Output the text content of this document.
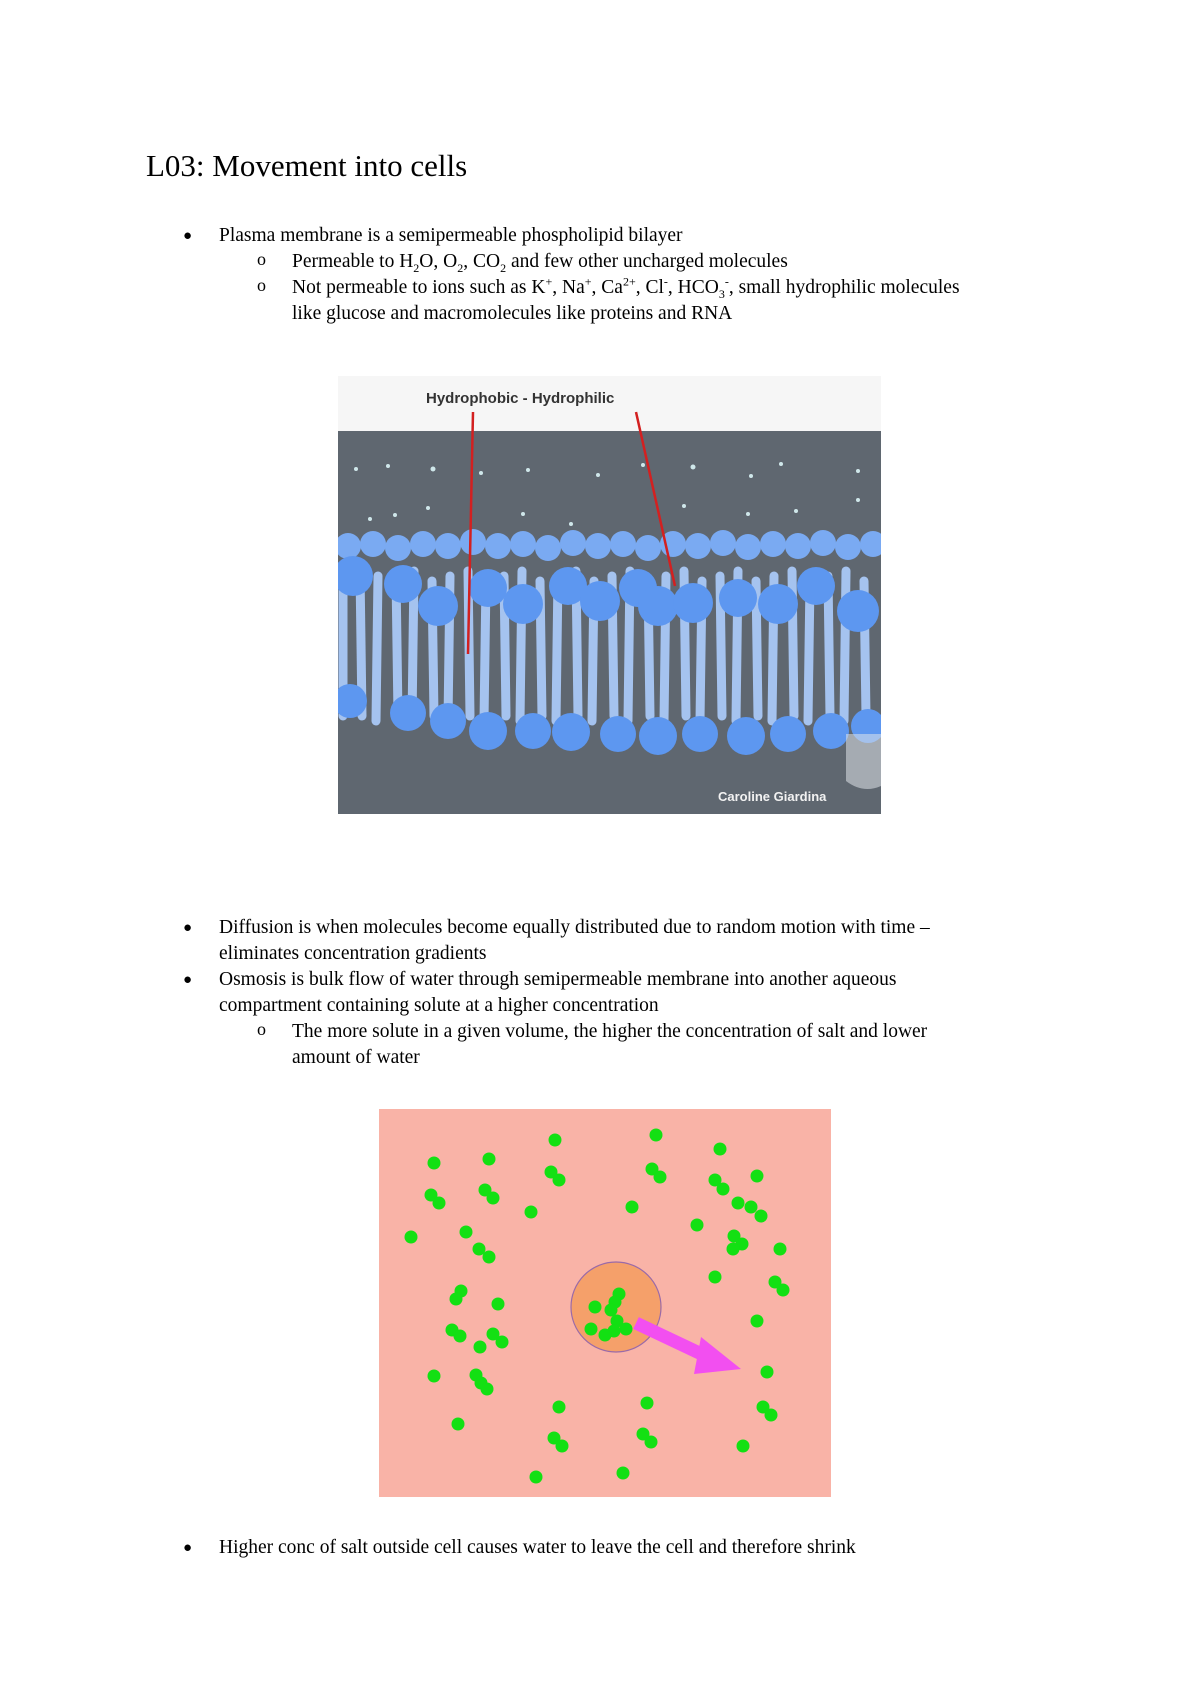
L03: Movement into cells
● Plasma membrane is a semipermeable phospholipid bilayer
o Permeable to $H_2O$, $O_2$, $CO_2$ and few other uncharged molecules
o Not permeable to ions such as K+, Na+, $Ca^{2+}$, Cl-, $HCO_3^-$, small hydrophilic molecules
like glucose and macromolecules like proteins and RNA
Hydrophobic - Hydrophilic
Caroline Giardina
● Diffusion is when molecules become equally distributed due to random motion with time –
eliminates concentration gradients
● Osmosis is bulk flow of water through semipermeable membrane into another aqueous
compartment containing solute at a higher concentration
o The more solute in a given volume, the higher the concentration of salt and lower
amount of water
● Higher conc of salt outside cell causes water to leave the cell and therefore shrink
